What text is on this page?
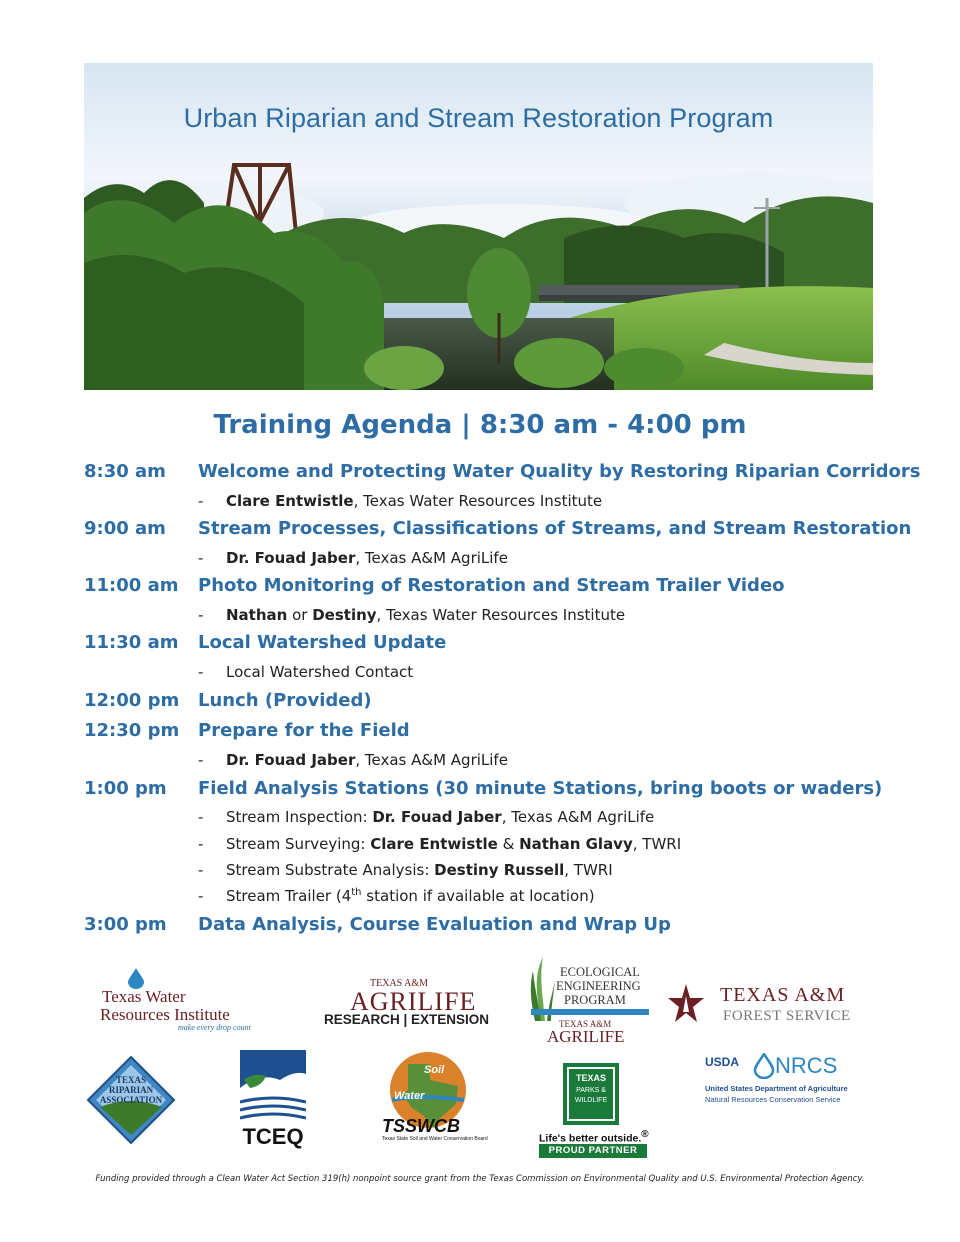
Urban Riparian and Stream Restoration Program
Training Agenda | 8:30 am - 4:00 pm
8:30 am Welcome and Protecting Water Quality by Restoring Riparian Corridors
- Clare Entwistle, Texas Water Resources Institute
9:00 am Stream Processes, Classifications of Streams, and Stream Restoration
- Dr. Fouad Jaber, Texas A&M AgriLife
11:00 am Photo Monitoring of Restoration and Stream Trailer Video
- Nathan or Destiny, Texas Water Resources Institute
11:30 am Local Watershed Update
- Local Watershed Contact
12:00 pm Lunch (Provided)
12:30 pm Prepare for the Field
- Dr. Fouad Jaber, Texas A&M AgriLife
1:00 pm Field Analysis Stations (30 minute Stations, bring boots or waders)
- Stream Inspection: Dr. Fouad Jaber, Texas A&M AgriLife
- Stream Surveying: Clare Entwistle & Nathan Glavy, TWRI
- Stream Substrate Analysis: Destiny Russell, TWRI
- Stream Trailer (4th station if available at location)
3:00 pm Data Analysis, Course Evaluation and Wrap Up
Texas Water
Resources Institute
make every drop count
TEXAS A&M
AGRILIFE
RESEARCH | EXTENSION
ECOLOGICAL
ENGINEERING
PROGRAM
TEXAS A&M
AGRILIFE
TEXAS A&M
FOREST SERVICE
TEXAS
RIPARIAN
ASSOCIATION
TCEQ
Soil
Water
TSSWCB
Texas State Soil and Water Conservation Board
TEXAS
PARKS &
WILDLIFE
Life's better outside.®
PROUD PARTNER
USDA NRCS
United States Department of Agriculture
Natural Resources Conservation Service
Funding provided through a Clean Water Act Section 319(h) nonpoint source grant from the Texas Commission on Environmental Quality and U.S. Environmental Protection Agency.
